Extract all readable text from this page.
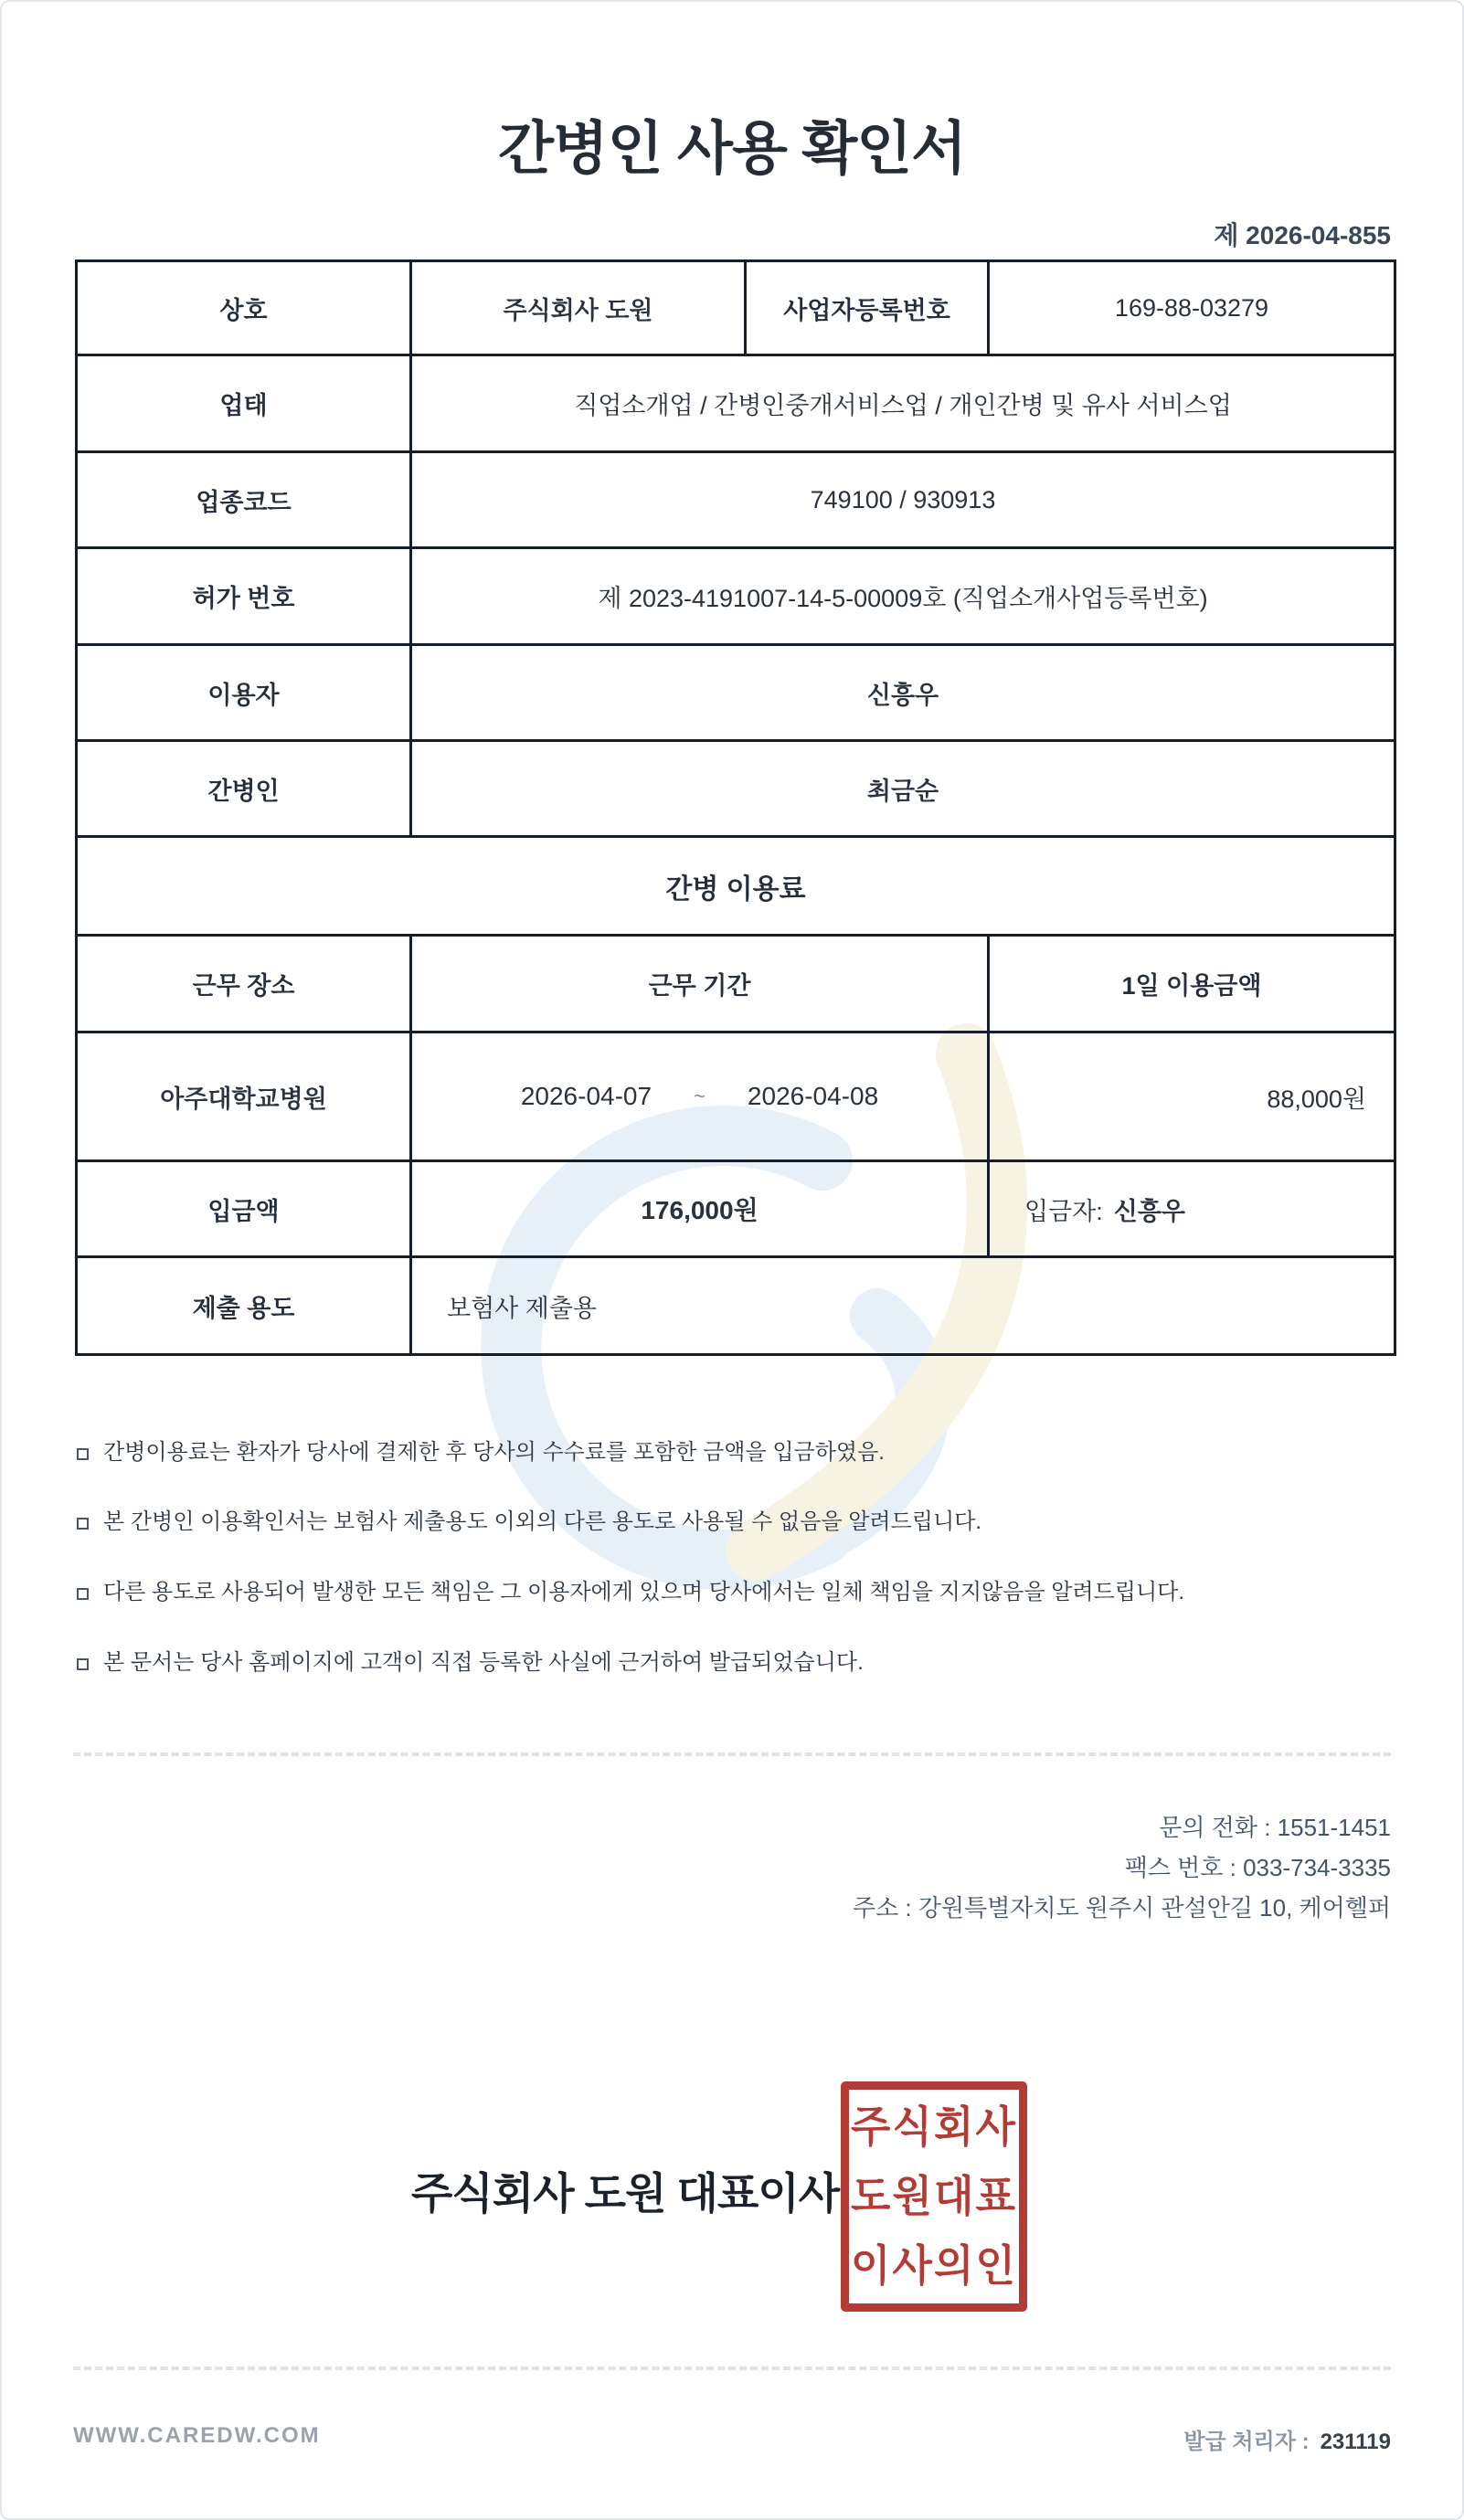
간병인 사용 확인서
제 2026-04-855
상호	주식회사 도원	사업자등록번호	169-88-03279
업태	직업소개업 / 간병인중개서비스업 / 개인간병 및 유사 서비스업
업종코드	749100 / 930913
허가 번호	제 2023-4191007-14-5-00009호 (직업소개사업등록번호)
이용자	신흥우
간병인	최금순
간병 이용료
근무 장소	근무 기간	1일 이용금액
아주대학교병원	2026-04-07 ~ 2026-04-08	88,000원
입금액	176,000원	입금자: 신흥우
제출 용도	보험사 제출용
간병이용료는 환자가 당사에 결제한 후 당사의 수수료를 포함한 금액을 입금하였음.
본 간병인 이용확인서는 보험사 제출용도 이외의 다른 용도로 사용될 수 없음을 알려드립니다.
다른 용도로 사용되어 발생한 모든 책임은 그 이용자에게 있으며 당사에서는 일체 책임을 지지않음을 알려드립니다.
본 문서는 당사 홈페이지에 고객이 직접 등록한 사실에 근거하여 발급되었습니다.
문의 전화 : 1551-1451
팩스 번호 : 033-734-3335
주소 : 강원특별자치도 원주시 관설안길 10, 케어헬퍼
주식회사 도원 대표이사
주식회사
도원대표
이사의인
WWW.CAREDW.COM	발급 처리자 : 231119
